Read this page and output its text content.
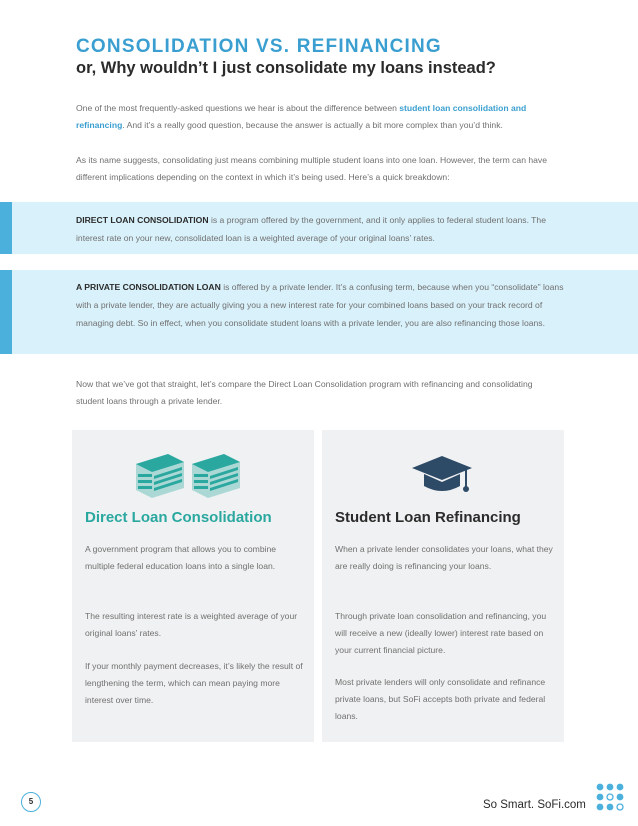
CONSOLIDATION VS. REFINANCING
or, Why wouldn’t I just consolidate my loans instead?

One of the most frequently-asked questions we hear is about the difference between student loan consolidation and refinancing. And it’s a really good question, because the answer is actually a bit more complex than you’d think.

As its name suggests, consolidating just means combining multiple student loans into one loan. However, the term can have different implications depending on the context in which it’s being used. Here’s a quick breakdown:

DIRECT LOAN CONSOLIDATION is a program offered by the government, and it only applies to federal student loans. The interest rate on your new, consolidated loan is a weighted average of your original loans’ rates.

A PRIVATE CONSOLIDATION LOAN is offered by a private lender. It’s a confusing term, because when you “consolidate” loans with a private lender, they are actually giving you a new interest rate for your combined loans based on your track record of managing debt. So in effect, when you consolidate student loans with a private lender, you are also refinancing those loans.

Now that we’ve got that straight, let’s compare the Direct Loan Consolidation program with refinancing and consolidating student loans through a private lender.

Direct Loan Consolidation

A government program that allows you to combine multiple federal education loans into a single loan.

The resulting interest rate is a weighted average of your original loans’ rates.

If your monthly payment decreases, it’s likely the result of lengthening the term, which can mean paying more interest over time.

Student Loan Refinancing

When a private lender consolidates your loans, what they are really doing is refinancing your loans.

Through private loan consolidation and refinancing, you will receive a new (ideally lower) interest rate based on your current financial picture.

Most private lenders will only consolidate and refinance private loans, but SoFi accepts both private and federal loans.

5	So Smart. SoFi.com
